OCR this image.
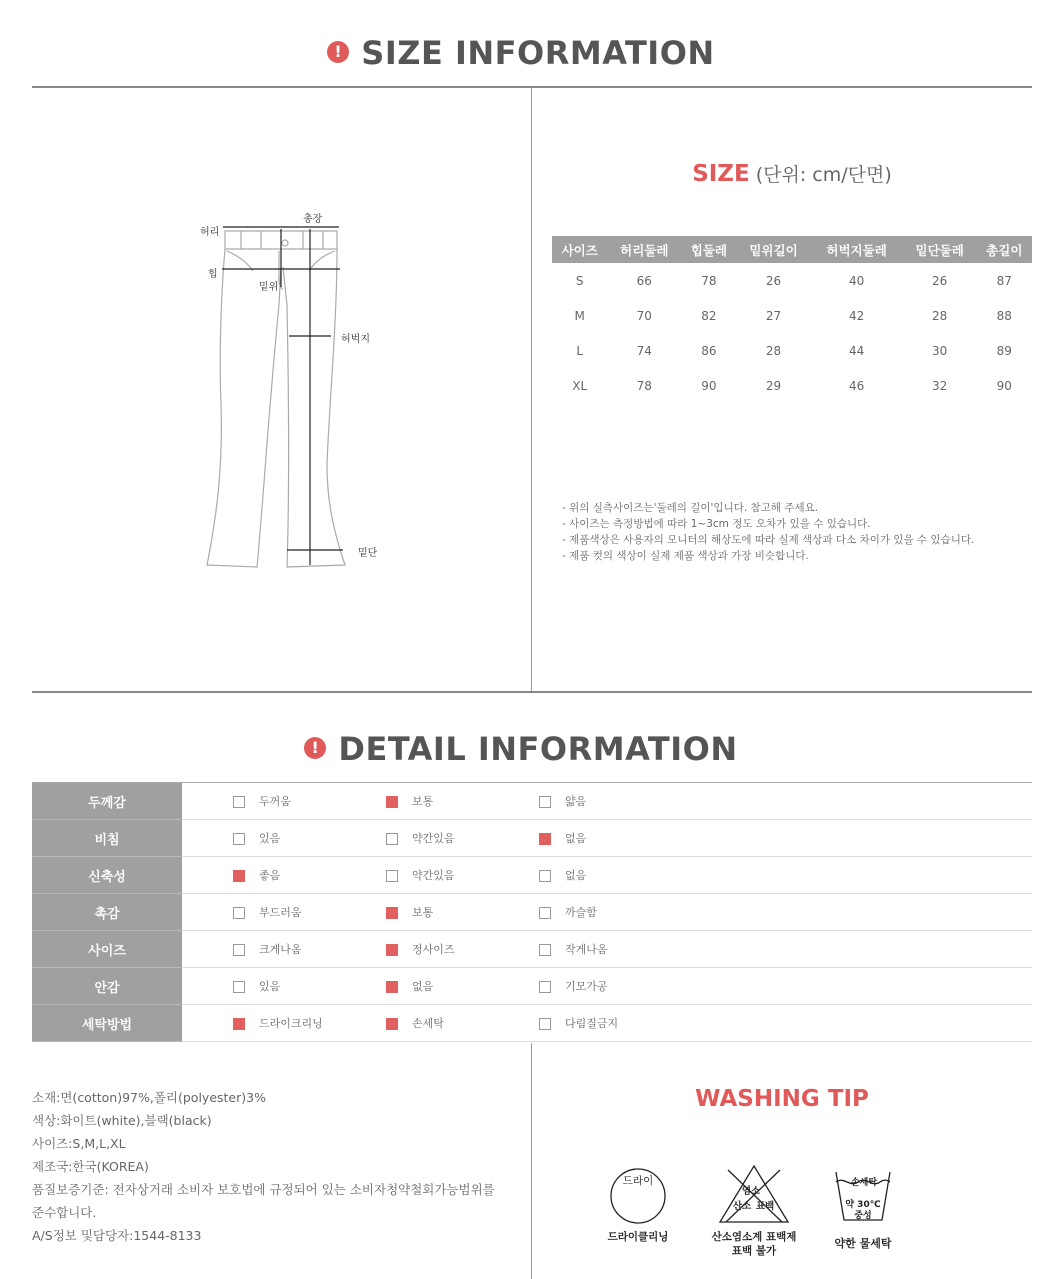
! SIZE INFORMATION
허리
총장
힙
밑위
허벅지
밑단
SIZE (단위: cm/단면)
사이즈	허리둘레	힙둘레	밑위길이	허벅지둘레	밑단둘레	총길이
S	66	78	26	40	26	87
M	70	82	27	42	28	88
L	74	86	28	44	30	89
XL	78	90	29	46	32	90
- 위의 실측사이즈는'둘레의 길이'입니다. 참고해 주세요.
- 사이즈는 측정방법에 따라 1~3cm 정도 오차가 있을 수 있습니다.
- 제품색상은 사용자의 모니터의 해상도에 따라 실제 색상과 다소 차이가 있을 수 있습니다.
- 제품 컷의 색상이 실제 제품 색상과 가장 비슷합니다.
! DETAIL INFORMATION
두께감	두꺼움 보통 얇음

비침	있음 약간있음 없음

신축성	좋음 약간있음 없음

촉감	부드러움 보통 까슬함

사이즈	크게나옴 정사이즈 작게나옴

안감	있음 없음 기모가공

세탁방법	드라이크리닝 손세탁 다림질금지
소재:면(cotton)97%,폴리(polyester)3%
색상:화이트(white),블랙(black)
사이즈:S,M,L,XL
제조국:한국(KOREA)
품질보증기준: 전자상거래 소비자 보호법에 규정되어 있는 소비자청약철회가능범위를
준수합니다.
A/S정보 및담당자:1544-8133
WASHING TIP
드라이
염소
산소 표백
손세탁
약 30℃
중성
드라이클리닝	산소염소계 표백제
표백 불가
약한 물세탁
